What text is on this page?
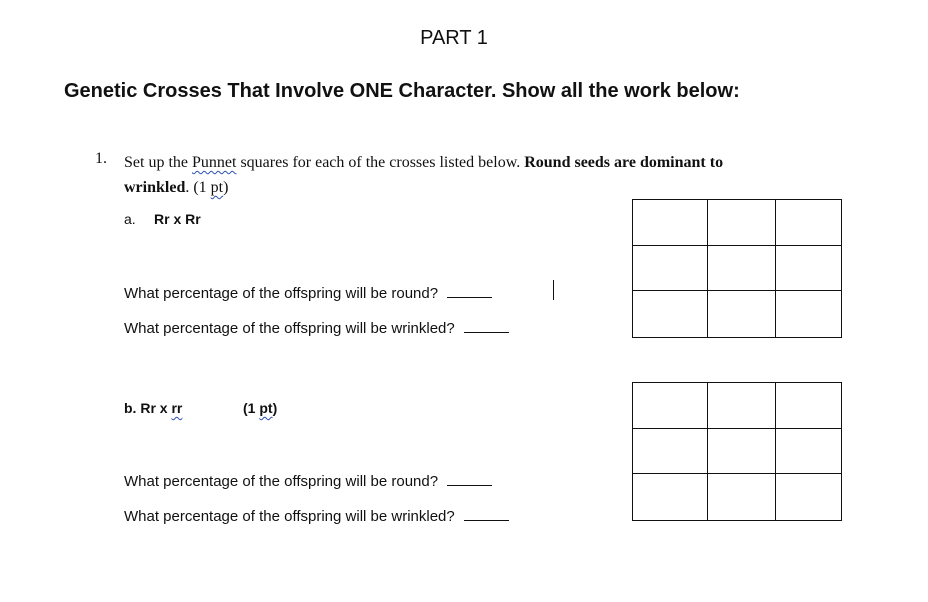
PART 1
Genetic Crosses That Involve ONE Character. Show all the work below:
1. Set up the Punnet squares for each of the crosses listed below. Round seeds are dominant to
wrinkled. (1 pt)
a. Rr x Rr
What percentage of the offspring will be round?
What percentage of the offspring will be wrinkled?
b. Rr x rr	(1 pt)
What percentage of the offspring will be round?
What percentage of the offspring will be wrinkled?
